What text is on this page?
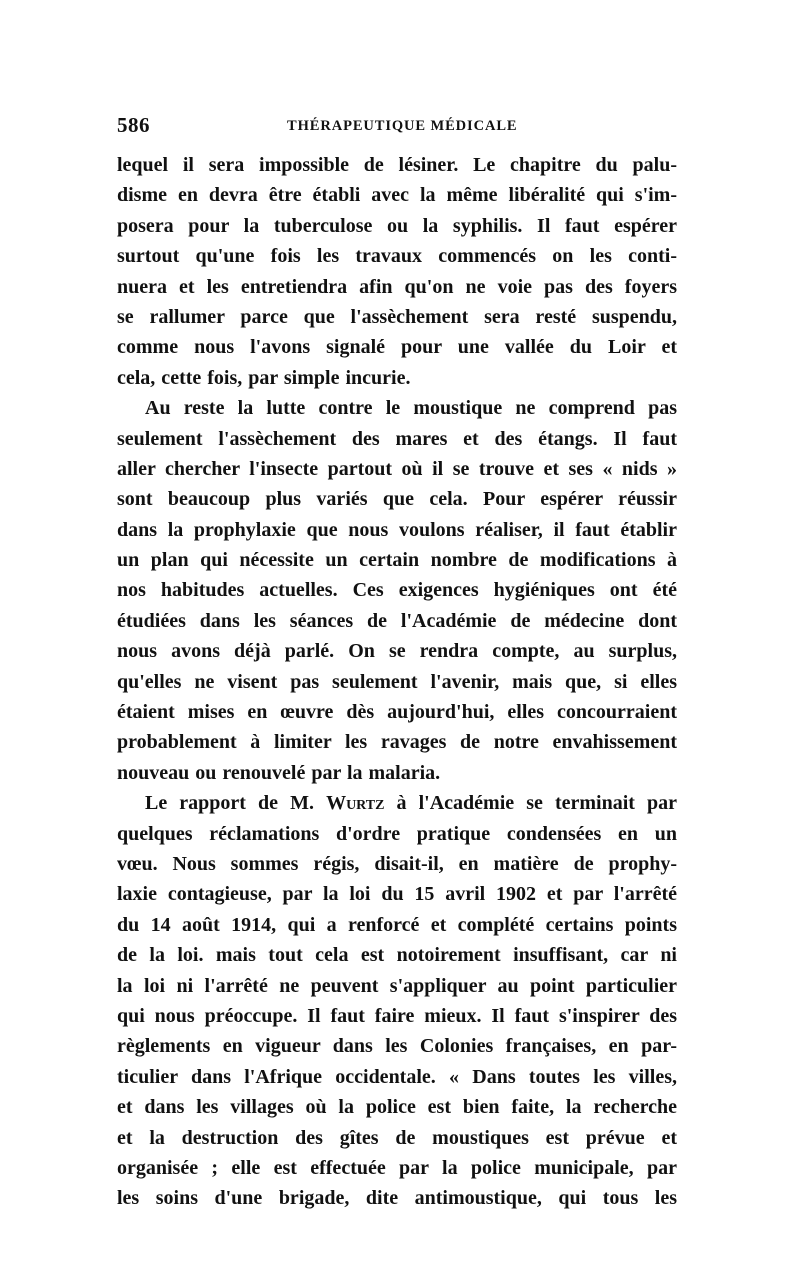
586	THÉRAPEUTIQUE MÉDICALE
lequel il sera impossible de lésiner. Le chapitre du palu-
disme en devra être établi avec la même libéralité qui s'im-
posera pour la tuberculose ou la syphilis. Il faut espérer
surtout qu'une fois les travaux commencés on les conti-
nuera et les entretiendra afin qu'on ne voie pas des foyers
se rallumer parce que l'assèchement sera resté suspendu,
comme nous l'avons signalé pour une vallée du Loir et
cela, cette fois, par simple incurie.
Au reste la lutte contre le moustique ne comprend pas
seulement l'assèchement des mares et des étangs. Il faut
aller chercher l'insecte partout où il se trouve et ses « nids »
sont beaucoup plus variés que cela. Pour espérer réussir
dans la prophylaxie que nous voulons réaliser, il faut établir
un plan qui nécessite un certain nombre de modifications à
nos habitudes actuelles. Ces exigences hygiéniques ont été
étudiées dans les séances de l'Académie de médecine dont
nous avons déjà parlé. On se rendra compte, au surplus,
qu'elles ne visent pas seulement l'avenir, mais que, si elles
étaient mises en œuvre dès aujourd'hui, elles concourraient
probablement à limiter les ravages de notre envahissement
nouveau ou renouvelé par la malaria.
Le rapport de M. Wurtz à l'Académie se terminait par
quelques réclamations d'ordre pratique condensées en un
vœu. Nous sommes régis, disait-il, en matière de prophy-
laxie contagieuse, par la loi du 15 avril 1902 et par l'arrêté
du 14 août 1914, qui a renforcé et complété certains points
de la loi. mais tout cela est notoirement insuffisant, car ni
la loi ni l'arrêté ne peuvent s'appliquer au point particulier
qui nous préoccupe. Il faut faire mieux. Il faut s'inspirer des
règlements en vigueur dans les Colonies françaises, en par-
ticulier dans l'Afrique occidentale. « Dans toutes les villes,
et dans les villages où la police est bien faite, la recherche
et la destruction des gîtes de moustiques est prévue et
organisée ; elle est effectuée par la police municipale, par
les soins d'une brigade, dite antimoustique, qui tous les
